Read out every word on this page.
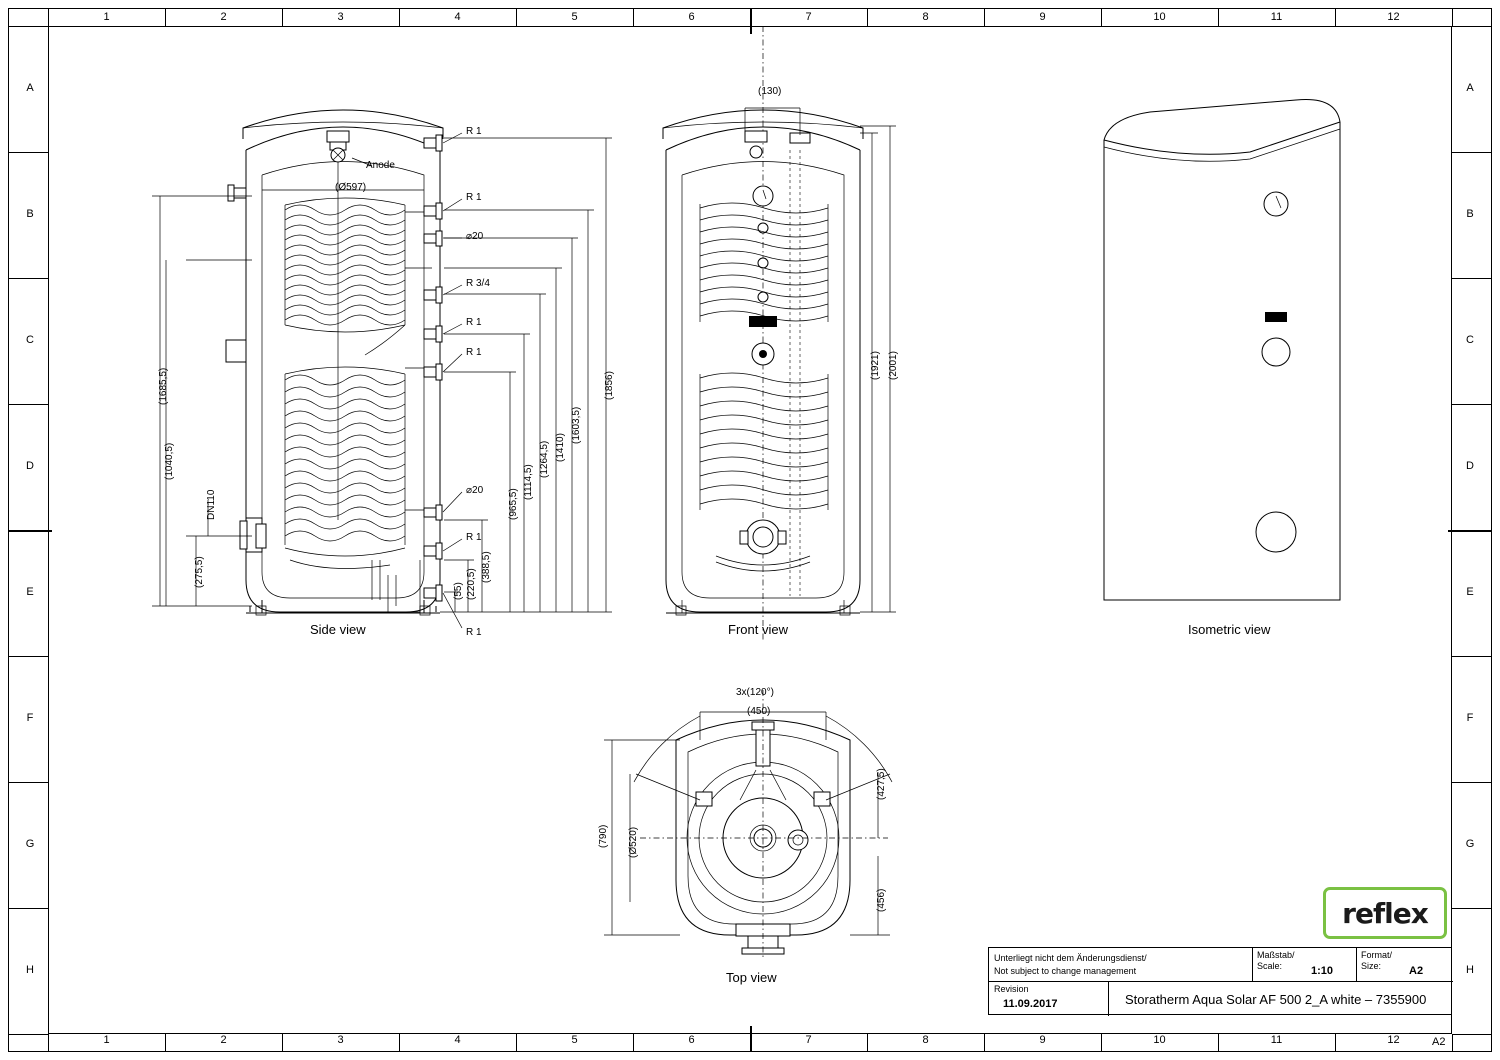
1	2	3	4	5	6	7	8	9	10	11	12
1	2	3	4	5	6	7	8	9	10	11	12
A
B
C
D
E
F
G
H
A
B
C
D
E
F
G
H
Side view
Anode
(Ø597)
R 1
R 1
⌀20
R 3/4
R 1
R 1
⌀20
R 1
R 1
(1685,5)
(1040,5)
(275,5)
DN110
(55) (220,5)
(388,5)
(965,5)
(1114,5)
(1264,5) (1410)
(1603,5)
(1856)
Front view
(130)
(1921) (2001)
Isometric view
Top view
3x(120°)
(450)
(790) (Ø520)
(427,5)
(456)
Unterliegt nicht dem Änderungsdienst/
Not subject to change management
Maßstab/
Scale:	1:10
Format/
Size:	A2
Revision
11.09.2017	Storatherm Aqua Solar AF 500 2_A white – 7355900
reflex
A2
